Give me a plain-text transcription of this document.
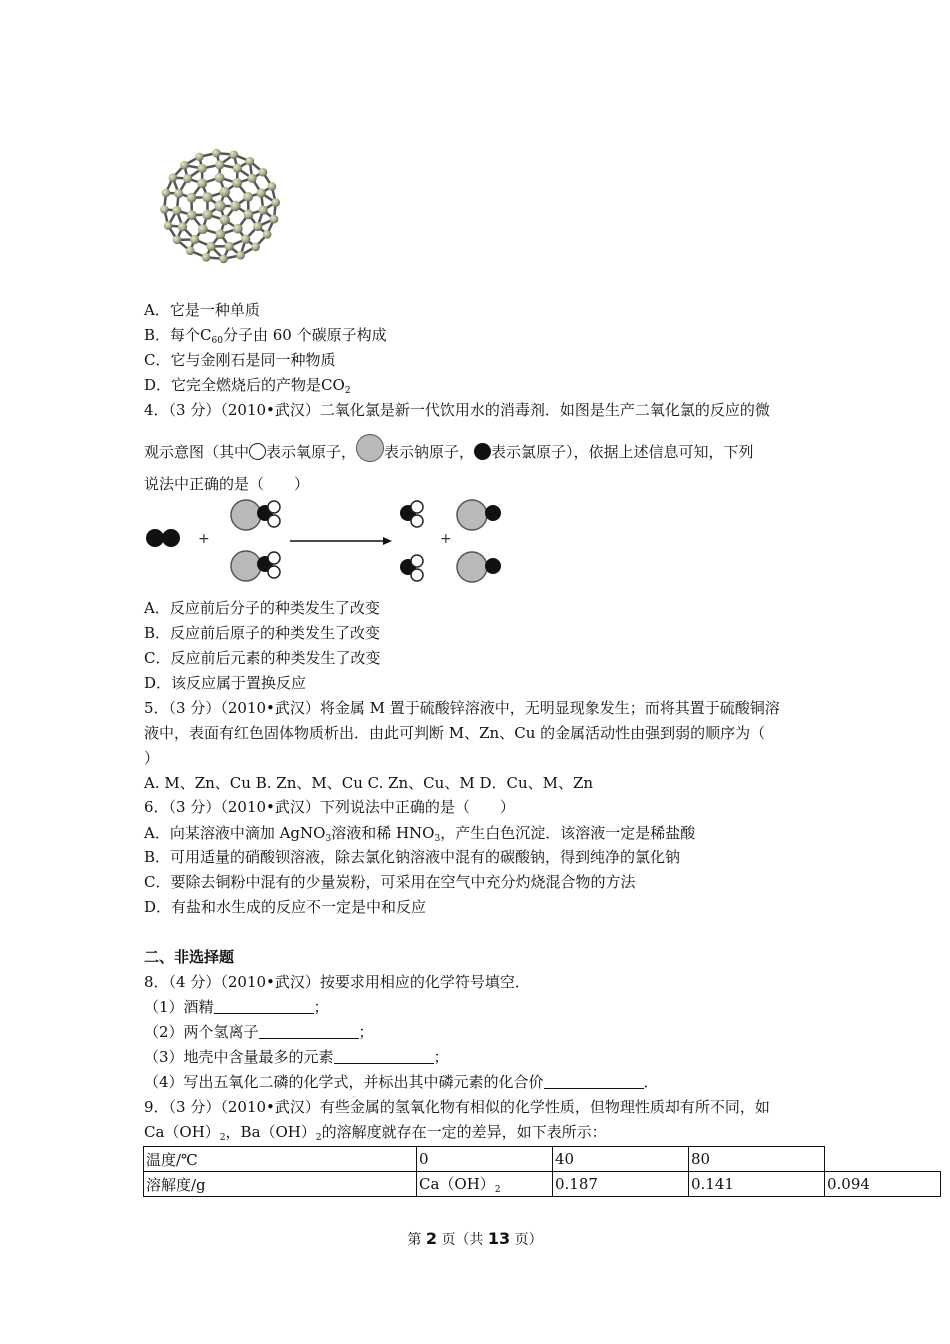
A．它是一种单质
B．每个$C_{60}$分子由 60 个碳原子构成
C．它与金刚石是同一种物质
D．它完全燃烧后的产物是$CO_2$
4．（3 分）（2010•武汉）二氧化氯是新一代饮用水的消毒剂．如图是生产二氧化氯的反应的微
观示意图（其中 表示氧原子， 表示钠原子， 表示氯原子），依据上述信息可知，下列
说法中正确的是（　　）
+	+
A．反应前后分子的种类发生了改变
B．反应前后原子的种类发生了改变
C．反应前后元素的种类发生了改变
D．该反应属于置换反应
5．（3 分）（2010•武汉）将金属 M 置于硫酸锌溶液中，无明显现象发生；而将其置于硫酸铜溶
液中，表面有红色固体物质析出．由此可判断 M、Zn、Cu 的金属活动性由强到弱的顺序为（
）
A. M、Zn、Cu B. Zn、M、Cu C. Zn、Cu、M D．Cu、M、Zn
6．（3 分）（2010•武汉）下列说法中正确的是（　　）
A．向某溶液中滴加 AgNO$_3$溶液和稀 $HNO_3$，产生白色沉淀．该溶液一定是稀盐酸
B．可用适量的硝酸钡溶液，除去氯化钠溶液中混有的碳酸钠，得到纯净的氯化钠
C．要除去铜粉中混有的少量炭粉，可采用在空气中充分灼烧混合物的方法
D．有盐和水生成的反应不一定是中和反应
二、非选择题
8．（4 分）（2010•武汉）按要求用相应的化学符号填空．
（1）酒精	；
（2）两个氢离子	；
（3）地壳中含量最多的元素	；
（4）写出五氧化二磷的化学式，并标出其中磷元素的化合价	．
9．（3 分）（2010•武汉）有些金属的氢氧化物有相似的化学性质，但物理性质却有所不同，如
$Ca(OH)_2$，$Ba(OH)_2$的溶解度就存在一定的差异，如下表所示：
温度/℃	0	40	80	
溶解度/g	$Ca(OH)_2$	0.187	0.141	0.094
第 2 页（共 13 页）
